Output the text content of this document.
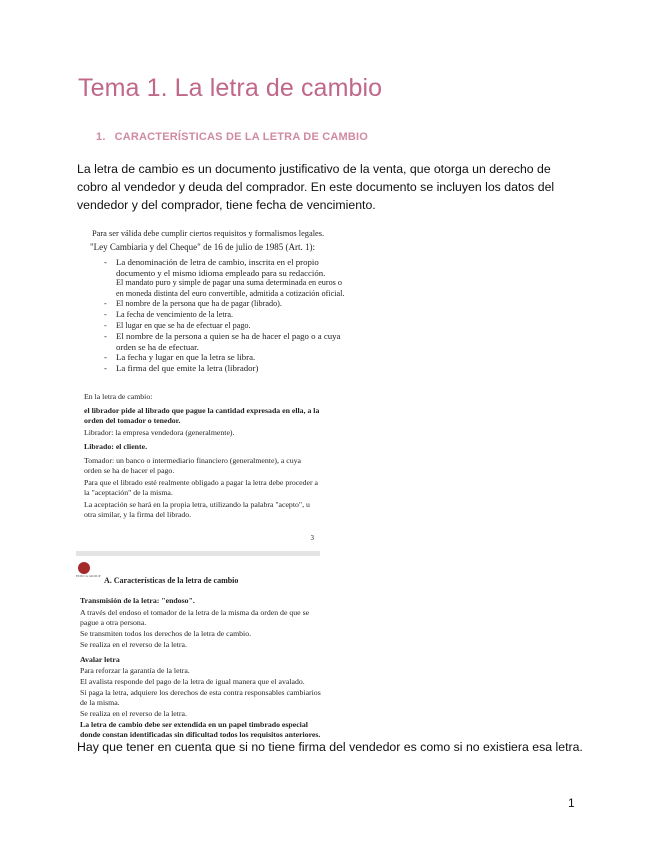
Tema 1. La letra de cambio
1. CARACTERÍSTICAS DE LA LETRA DE CAMBIO

La letra de cambio es un documento justificativo de la venta, que otorga un derecho de cobro al vendedor y deuda del comprador. En este documento se incluyen los datos del vendedor y del comprador, tiene fecha de vencimiento.

Para ser válida debe cumplir ciertos requisitos y formalismos legales.
"Ley Cambiaria y del Cheque" de 16 de julio de 1985 (Art. 1):
- La denominación de letra de cambio, inscrita en el propio documento y el mismo idioma empleado para su redacción.
El mandato puro y simple de pagar una suma determinada en euros o en moneda distinta del euro convertible, admitida a cotización oficial.
- El nombre de la persona que ha de pagar (librado).
- La fecha de vencimiento de la letra.
- El lugar en que se ha de efectuar el pago.
- El nombre de la persona a quien se ha de hacer el pago o a cuya orden se ha de efectuar.
- La fecha y lugar en que la letra se libra.
- La firma del que emite la letra (librador)

En la letra de cambio:

el librador pide al librado que pague la cantidad expresada en ella, a la orden del tomador o tenedor.

Librador: la empresa vendedora (generalmente).

Librado: el cliente.

Tomador: un banco o intermediario financiero (generalmente), a cuya orden se ha de hacer el pago.

Para que el librado esté realmente obligado a pagar la letra debe proceder a la "aceptación" de la misma.

La aceptación se hará en la propia letra, utilizando la palabra "acepto", u otra similar, y la firma del librado.

3
EDUCA GROUP A. Características de la letra de cambio

Transmisión de la letra: "endoso".

A través del endoso el tomador de la letra de la misma da orden de que se pague a otra persona.

Se transmiten todos los derechos de la letra de cambio.

Se realiza en el reverso de la letra.

Avalar letra

Para reforzar la garantía de la letra.

El avalista responde del pago de la letra de igual manera que el avalado.

Si paga la letra, adquiere los derechos de esta contra responsables cambiarios de la misma.

Se realiza en el reverso de la letra.

La letra de cambio debe ser extendida en un papel timbrado especial donde constan identificadas sin dificultad todos los requisitos anteriores.

Hay que tener en cuenta que si no tiene firma del vendedor es como si no existiera esa letra.

1
